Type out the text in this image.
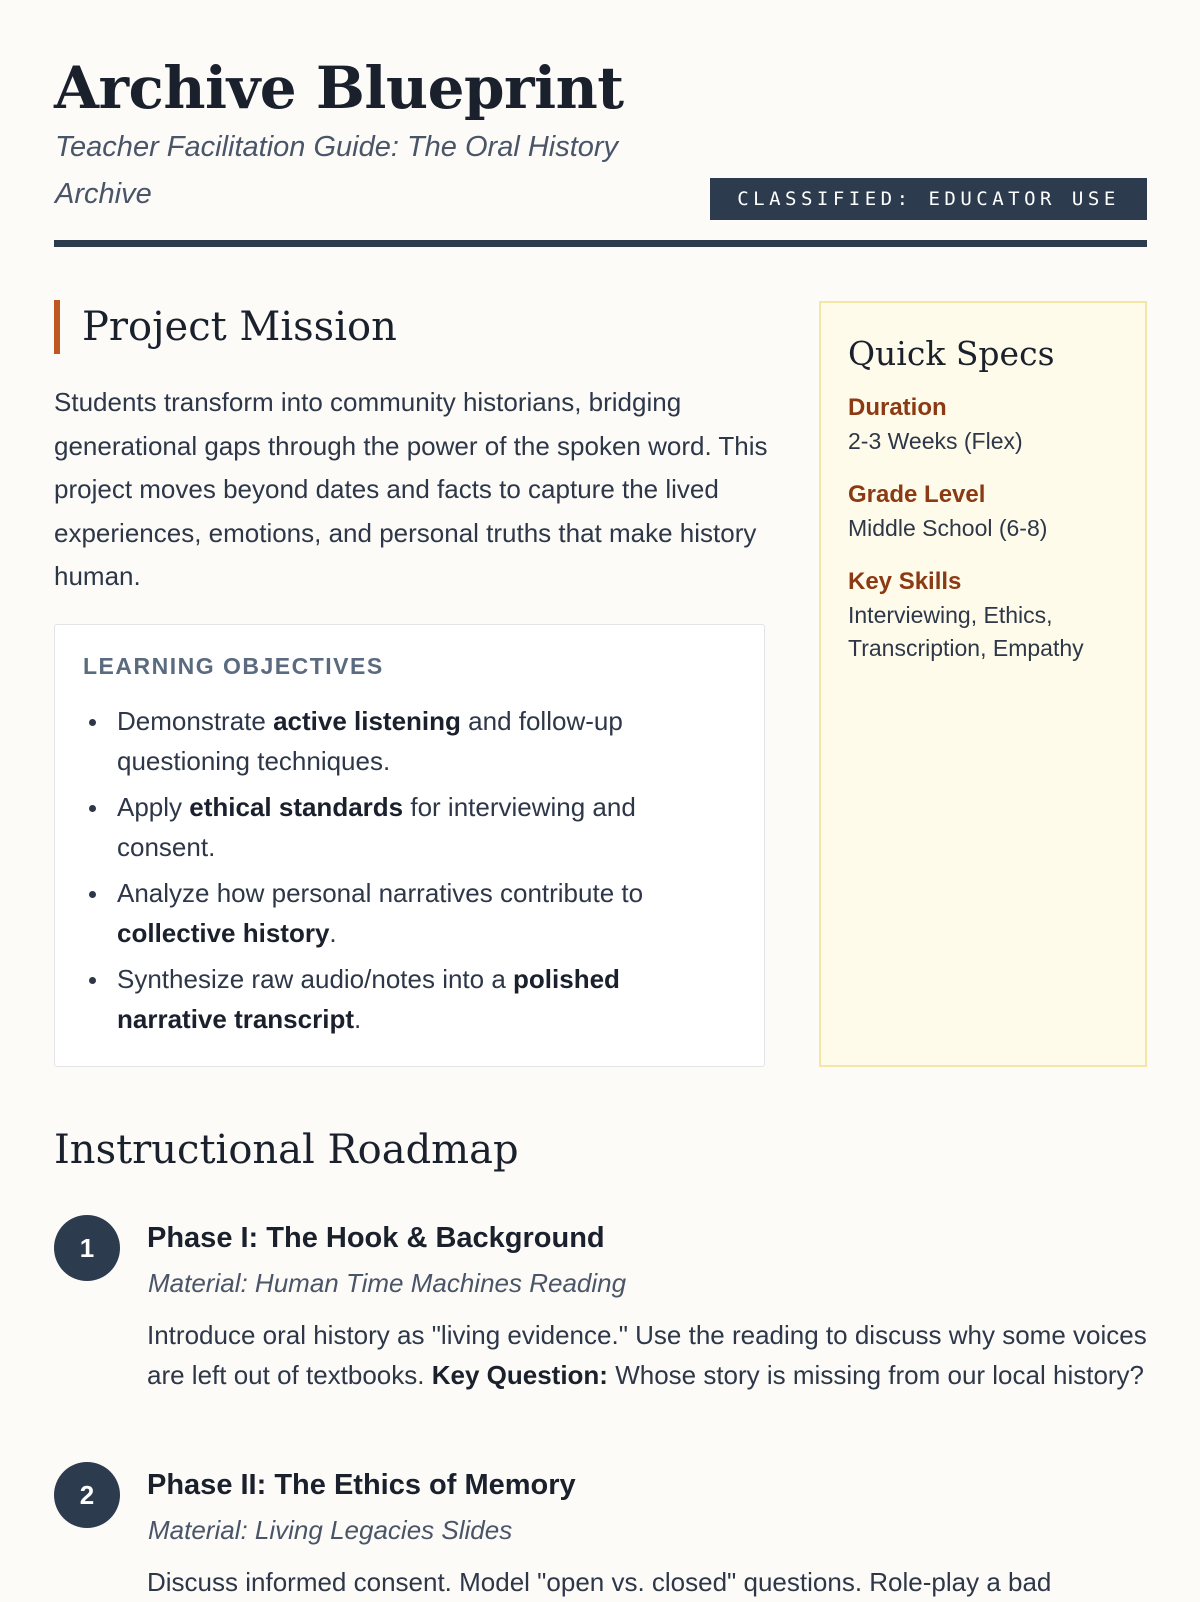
Archive Blueprint

Teacher Facilitation Guide: The Oral History Archive	CLASSIFIED: EDUCATOR USE
Project Mission

Students transform into community historians, bridging generational gaps through the power of the spoken word. This project moves beyond dates and facts to capture the lived experiences, emotions, and personal truths that make history human.

LEARNING OBJECTIVES

Demonstrate active listening and follow-up questioning techniques.
Apply ethical standards for interviewing and consent.
Analyze how personal narratives contribute to collective history.
Synthesize raw audio/notes into a polished narrative transcript.
Quick Specs
Duration
2-3 Weeks (Flex)
Grade Level
Middle School (6-8)
Key Skills
Interviewing, Ethics, Transcription, Empathy
Instructional Roadmap
1	Phase I: The Hook & Background

Material: Human Time Machines Reading

Introduce oral history as "living evidence." Use the reading to discuss why some voices are left out of textbooks. Key Question: Whose story is missing from our local history?

2	Phase II: The Ethics of Memory

Material: Living Legacies Slides

Discuss informed consent. Model "open vs. closed" questions. Role-play a bad
